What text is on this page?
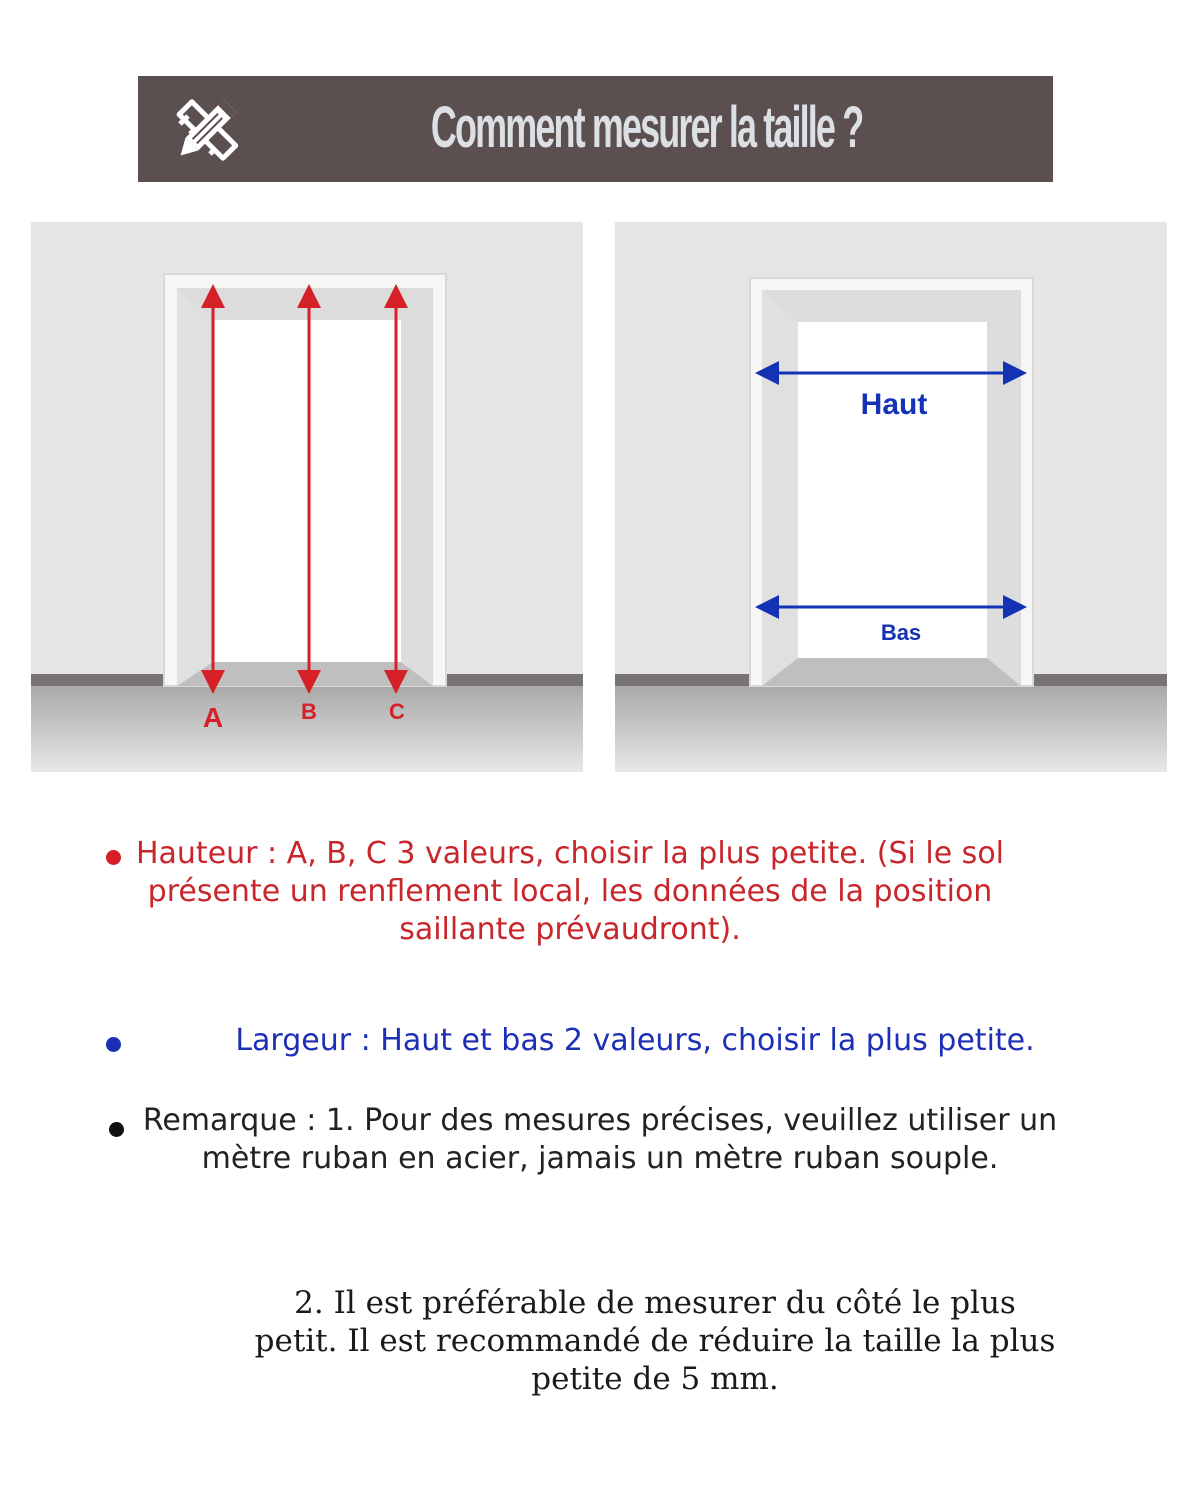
Comment mesurer la taille ?
A	B	C
Haut
Bas
Hauteur : A, B, C 3 valeurs, choisir la plus petite. (Si le sol présente un renflement local, les données de la position saillante prévaudront).
Largeur : Haut et bas 2 valeurs, choisir la plus petite.
Remarque : 1. Pour des mesures précises, veuillez utiliser un mètre ruban en acier, jamais un mètre ruban souple.
2. Il est préférable de mesurer du côté le plus petit. Il est recommandé de réduire la taille la plus petite de 5 mm.
